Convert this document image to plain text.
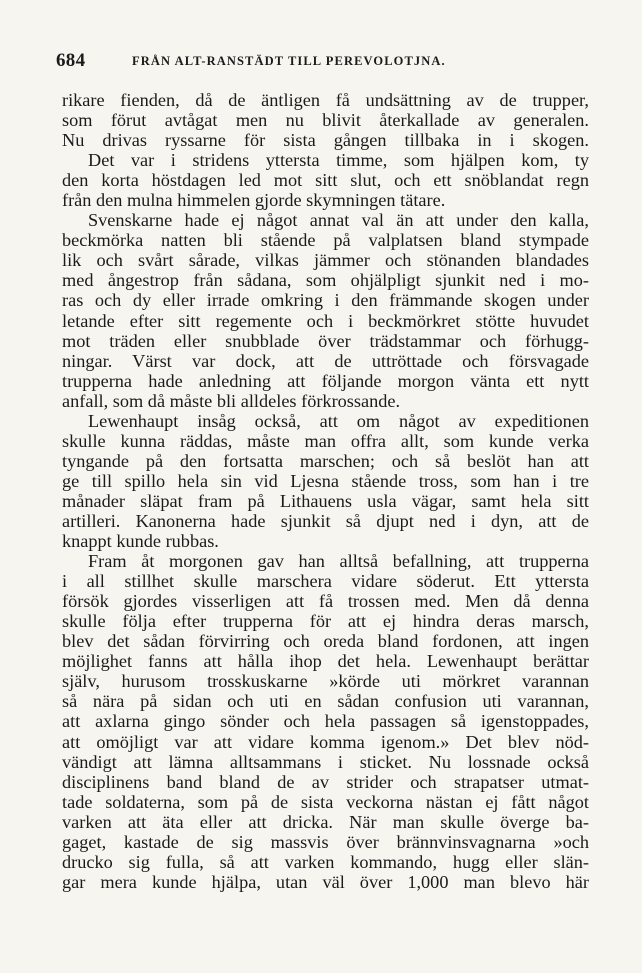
684	FRÅN ALT-RANSTÄDT TILL PEREVOLOTJNA.
rikare fienden, då de äntligen få undsättning av de trupper,
som förut avtågat men nu blivit återkallade av generalen.
Nu drivas ryssarne för sista gången tillbaka in i skogen.
Det var i stridens yttersta timme, som hjälpen kom, ty
den korta höstdagen led mot sitt slut, och ett snöblandat regn
från den mulna himmelen gjorde skymningen tätare.
Svenskarne hade ej något annat val än att under den kalla,
beckmörka natten bli stående på valplatsen bland stympade
lik och svårt sårade, vilkas jämmer och stönanden blandades
med ångestrop från sådana, som ohjälpligt sjunkit ned i mo-
ras och dy eller irrade omkring i den främmande skogen under
letande efter sitt regemente och i beckmörkret stötte huvudet
mot träden eller snubblade över trädstammar och förhugg-
ningar. Värst var dock, att de uttröttade och försvagade
trupperna hade anledning att följande morgon vänta ett nytt
anfall, som då måste bli alldeles förkrossande.
Lewenhaupt insåg också, att om något av expeditionen
skulle kunna räddas, måste man offra allt, som kunde verka
tyngande på den fortsatta marschen; och så beslöt han att
ge till spillo hela sin vid Ljesna stående tross, som han i tre
månader släpat fram på Lithauens usla vägar, samt hela sitt
artilleri. Kanonerna hade sjunkit så djupt ned i dyn, att de
knappt kunde rubbas.
Fram åt morgonen gav han alltså befallning, att trupperna
i all stillhet skulle marschera vidare söderut. Ett yttersta
försök gjordes visserligen att få trossen med. Men då denna
skulle följa efter trupperna för att ej hindra deras marsch,
blev det sådan förvirring och oreda bland fordonen, att ingen
möjlighet fanns att hålla ihop det hela. Lewenhaupt berättar
själv, hurusom trosskuskarne »körde uti mörkret varannan
så nära på sidan och uti en sådan confusion uti varannan,
att axlarna gingo sönder och hela passagen så igenstoppades,
att omöjligt var att vidare komma igenom.» Det blev nöd-
vändigt att lämna alltsammans i sticket. Nu lossnade också
disciplinens band bland de av strider och strapatser utmat-
tade soldaterna, som på de sista veckorna nästan ej fått något
varken att äta eller att dricka. När man skulle överge ba-
gaget, kastade de sig massvis över brännvinsvagnarna »och
drucko sig fulla, så att varken kommando, hugg eller slän-
gar mera kunde hjälpa, utan väl över 1,000 man blevo här
